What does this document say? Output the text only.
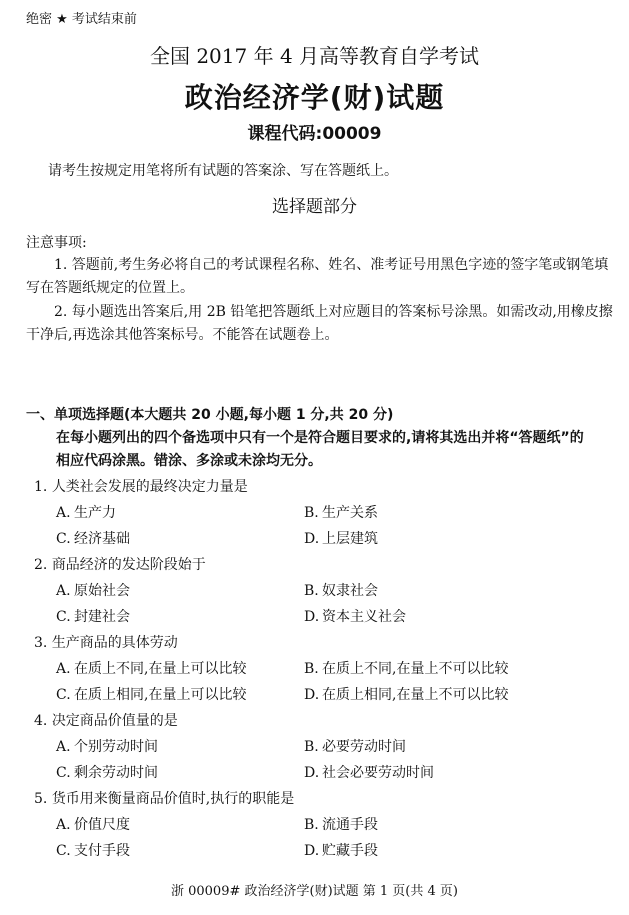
绝密 ★ 考试结束前
全国 2017 年 4 月高等教育自学考试
政治经济学(财)试题
课程代码:00009
请考生按规定用笔将所有试题的答案涂、写在答题纸上。
选择题部分
注意事项:
1. 答题前,考生务必将自己的考试课程名称、姓名、准考证号用黑色字迹的签字笔或钢笔填写在答题纸规定的位置上。
2. 每小题选出答案后,用 2B 铅笔把答题纸上对应题目的答案标号涂黑。如需改动,用橡皮擦干净后,再选涂其他答案标号。不能答在试题卷上。
一、单项选择题(本大题共 20 小题,每小题 1 分,共 20 分)
在每小题列出的四个备选项中只有一个是符合题目要求的,请将其选出并将“答题纸”的相应代码涂黑。错涂、多涂或未涂均无分。
1. 人类社会发展的最终决定力量是
A. 生产力	B. 生产关系
C. 经济基础	D. 上层建筑
2. 商品经济的发达阶段始于
A. 原始社会	B. 奴隶社会
C. 封建社会	D. 资本主义社会
3. 生产商品的具体劳动
A. 在质上不同,在量上可以比较	B. 在质上不同,在量上不可以比较
C. 在质上相同,在量上可以比较	D. 在质上相同,在量上不可以比较
4. 决定商品价值量的是
A. 个别劳动时间	B. 必要劳动时间
C. 剩余劳动时间	D. 社会必要劳动时间
5. 货币用来衡量商品价值时,执行的职能是
A. 价值尺度	B. 流通手段
C. 支付手段	D. 贮藏手段
浙 00009# 政治经济学(财)试题 第 1 页(共 4 页)
